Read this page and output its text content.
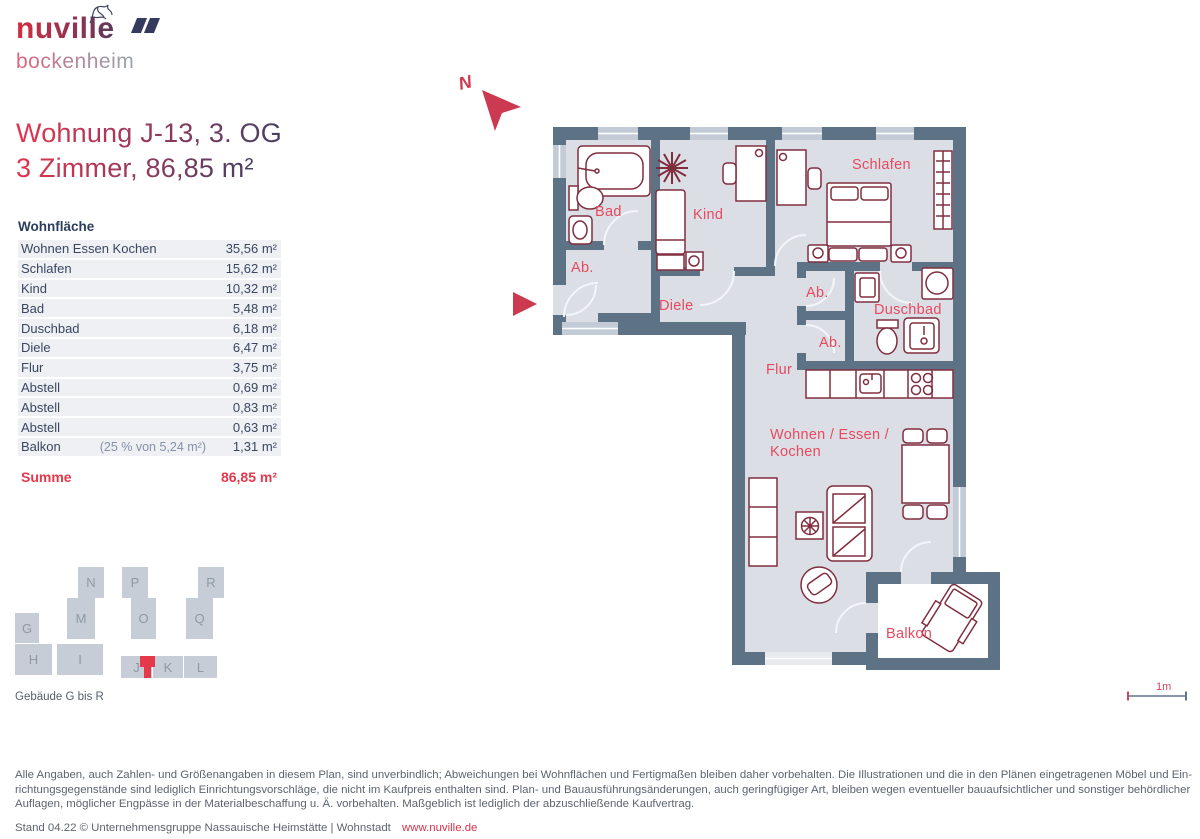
N
1m
Bad
Ab.
Kind
Schlafen
Ab.
Duschbad
Ab.
Diele
Flur
Wohnen / Essen /
Kochen
Balkon
nuville
bockenheim
Wohnung J-13, 3. OG
3 Zimmer, 86,85 m²
Wohnfläche
Wohnen Essen Kochen	35,56 m²
Schlafen	15,62 m²
Kind	10,32 m²
Bad	5,48 m²
Duschbad	6,18 m²
Diele	6,47 m²
Flur	3,75 m²
Abstell	0,69 m²
Abstell	0,83 m²
Abstell	0,63 m²
Balkon	(25 % von 5,24 m²)	1,31 m²
Summe	86,85 m²
G
H	I	J K L
M
N
O
P
Q
R
Gebäude G bis R
Alle Angaben, auch Zahlen- und Größenangaben in diesem Plan, sind unverbindlich; Abweichungen bei Wohnflächen und Fertigmaßen bleiben daher vorbehalten. Die Illustrationen und die in den Plänen eingetragenen Möbel und Ein-
richtungsgegenstände sind lediglich Einrichtungsvorschläge, die nicht im Kaufpreis enthalten sind. Plan- und Bauausführungsänderungen, auch geringfügiger Art, bleiben wegen eventueller bauaufsichtlicher und sonstiger behördlicher
Auflagen, möglicher Engpässe in der Materialbeschaffung u. Ä. vorbehalten. Maßgeblich ist lediglich der abzuschließende Kaufvertrag.
Stand 04.22 © Unternehmensgruppe Nassauische Heimstätte | Wohnstadt www.nuville.de
